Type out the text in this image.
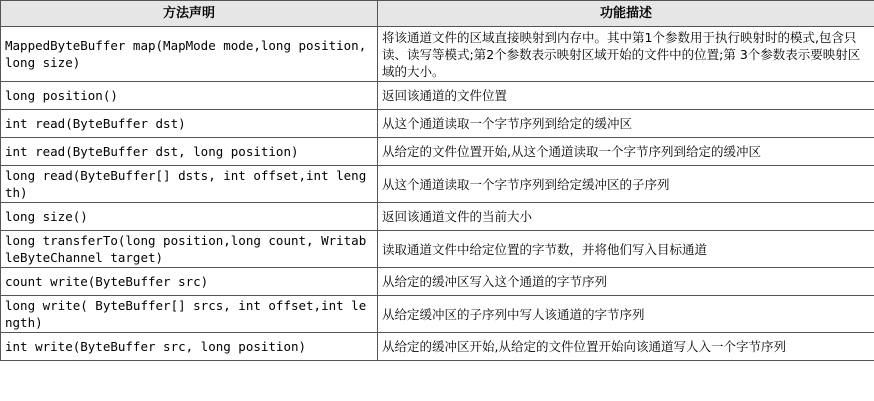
方法声明	功能描述
MappedByteBuffer map(MapMode mode,long position,long size)	将该通道文件的区域直接映射到内存中。其中第1个参数用于执行映射时的模式,包含只读、读写等模式;第2个参数表示映射区域开始的文件中的位置;第 3个参数表示要映射区域的大小。
long position()	返回该通道的文件位置
int read(ByteBuffer dst)	从这个通道读取一个字节序列到给定的缓冲区
int read(ByteBuffer dst, long position)	从给定的文件位置开始,从这个通道读取一个字节序列到给定的缓冲区
long read(ByteBuffer[] dsts, int offset,int length)	从这个通道读取一个字节序列到给定缓冲区的子序列
long size()	返回该通道文件的当前大小
long transferTo(long position,long count, WritableByteChannel target)	读取通道文件中给定位置的字节数，并将他们写入目标通道
count write(ByteBuffer src)	从给定的缓冲区写入这个通道的字节序列
long write( ByteBuffer[] srcs, int offset,int length)	从给定缓冲区的子序列中写人该通道的字节序列
int write(ByteBuffer src, long position)	从给定的缓冲区开始,从给定的文件位置开始向该通道写人入一个字节序列
